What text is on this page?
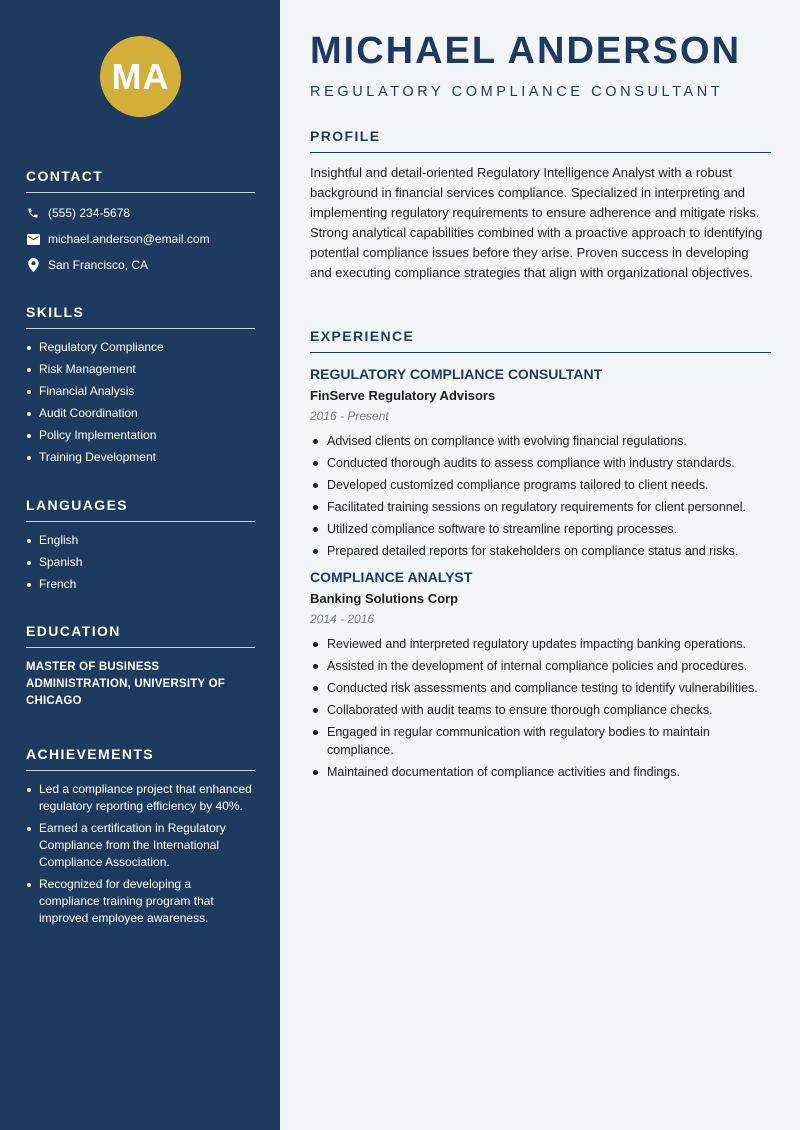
MA
CONTACT
(555) 234-5678
michael.anderson@email.com
San Francisco, CA
SKILLS
Regulatory Compliance
Risk Management
Financial Analysis
Audit Coordination
Policy Implementation
Training Development
LANGUAGES
English
Spanish
French
EDUCATION
MASTER OF BUSINESS ADMINISTRATION, UNIVERSITY OF CHICAGO
ACHIEVEMENTS
Led a compliance project that enhanced regulatory reporting efficiency by 40%.
Earned a certification in Regulatory Compliance from the International Compliance Association.
Recognized for developing a compliance training program that improved employee awareness.
MICHAEL ANDERSON
REGULATORY COMPLIANCE CONSULTANT
PROFILE

Insightful and detail-oriented Regulatory Intelligence Analyst with a robust background in financial services compliance. Specialized in interpreting and implementing regulatory requirements to ensure adherence and mitigate risks. Strong analytical capabilities combined with a proactive approach to identifying potential compliance issues before they arise. Proven success in developing and executing compliance strategies that align with organizational objectives.

EXPERIENCE
REGULATORY COMPLIANCE CONSULTANT
FinServe Regulatory Advisors
2016 - Present
Advised clients on compliance with evolving financial regulations.
Conducted thorough audits to assess compliance with industry standards.
Developed customized compliance programs tailored to client needs.
Facilitated training sessions on regulatory requirements for client personnel.
Utilized compliance software to streamline reporting processes.
Prepared detailed reports for stakeholders on compliance status and risks.
COMPLIANCE ANALYST
Banking Solutions Corp
2014 - 2016
Reviewed and interpreted regulatory updates impacting banking operations.
Assisted in the development of internal compliance policies and procedures.
Conducted risk assessments and compliance testing to identify vulnerabilities.
Collaborated with audit teams to ensure thorough compliance checks.
Engaged in regular communication with regulatory bodies to maintain compliance.
Maintained documentation of compliance activities and findings.
